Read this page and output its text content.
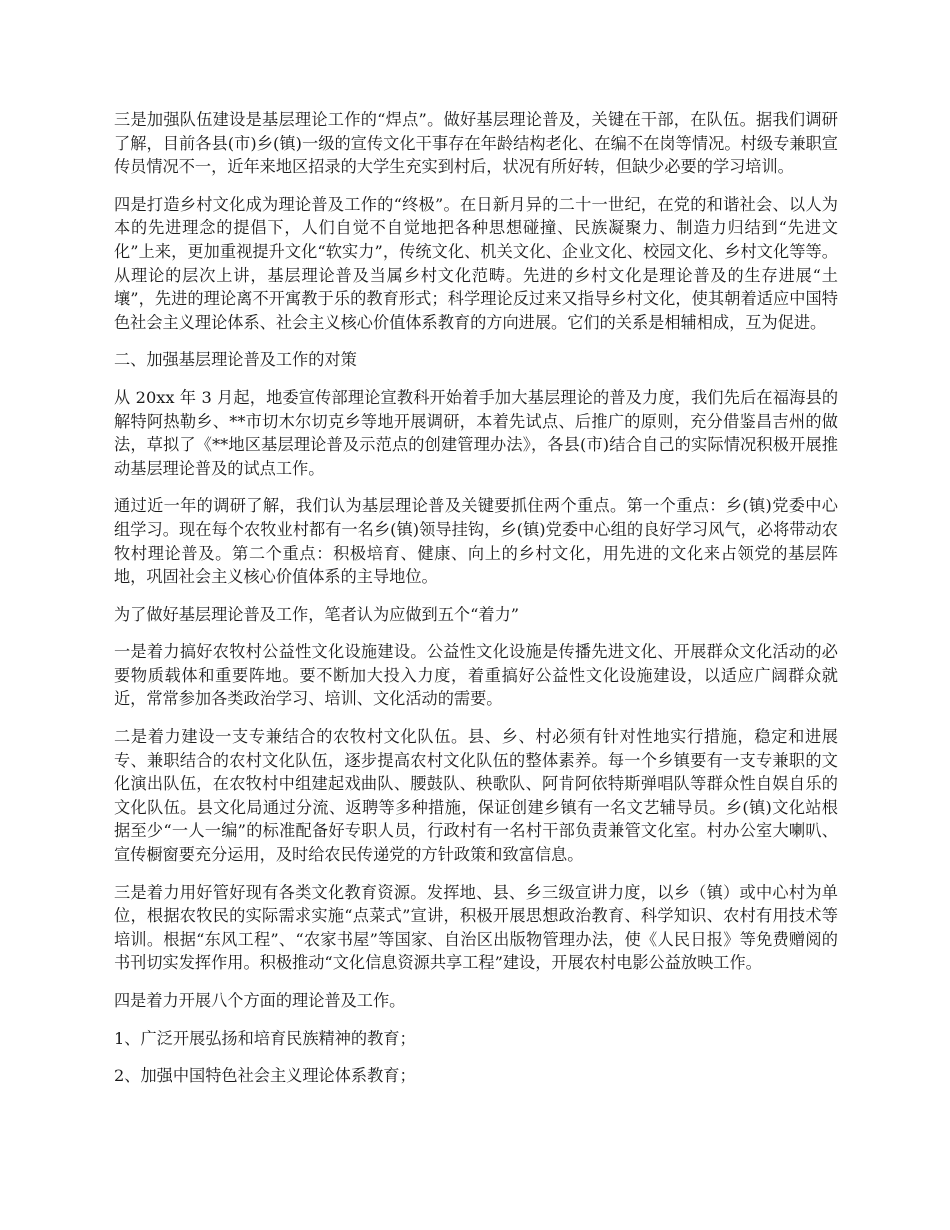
三是加强队伍建设是基层理论工作的“焊点”。做好基层理论普及，关键在干部，在队伍。据我们调研了解，目前各县(市)乡(镇)一级的宣传文化干事存在年龄结构老化、在编不在岗等情况。村级专兼职宣传员情况不一，近年来地区招录的大学生充实到村后，状况有所好转，但缺少必要的学习培训。

四是打造乡村文化成为理论普及工作的“终极”。在日新月异的二十一世纪，在党的和谐社会、以人为本的先进理念的提倡下，人们自觉不自觉地把各种思想碰撞、民族凝聚力、制造力归结到“先进文化”上来，更加重视提升文化“软实力”，传统文化、机关文化、企业文化、校园文化、乡村文化等等。从理论的层次上讲，基层理论普及当属乡村文化范畴。先进的乡村文化是理论普及的生存进展“土壤”，先进的理论离不开寓教于乐的教育形式；科学理论反过来又指导乡村文化，使其朝着适应中国特色社会主义理论体系、社会主义核心价值体系教育的方向进展。它们的关系是相辅相成，互为促进。

二、加强基层理论普及工作的对策

从 20xx 年 3 月起，地委宣传部理论宣教科开始着手加大基层理论的普及力度，我们先后在福海县的解特阿热勒乡、**市切木尔切克乡等地开展调研，本着先试点、后推广的原则，充分借鉴昌吉州的做法，草拟了《**地区基层理论普及示范点的创建管理办法》，各县(市)结合自己的实际情况积极开展推动基层理论普及的试点工作。

通过近一年的调研了解，我们认为基层理论普及关键要抓住两个重点。第一个重点：乡(镇)党委中心组学习。现在每个农牧业村都有一名乡(镇)领导挂钩，乡(镇)党委中心组的良好学习风气，必将带动农牧村理论普及。第二个重点：积极培育、健康、向上的乡村文化，用先进的文化来占领党的基层阵地，巩固社会主义核心价值体系的主导地位。

为了做好基层理论普及工作，笔者认为应做到五个“着力”

一是着力搞好农牧村公益性文化设施建设。公益性文化设施是传播先进文化、开展群众文化活动的必要物质载体和重要阵地。要不断加大投入力度，着重搞好公益性文化设施建设，以适应广阔群众就近，常常参加各类政治学习、培训、文化活动的需要。

二是着力建设一支专兼结合的农牧村文化队伍。县、乡、村必须有针对性地实行措施，稳定和进展专、兼职结合的农村文化队伍，逐步提高农村文化队伍的整体素养。每一个乡镇要有一支专兼职的文化演出队伍，在农牧村中组建起戏曲队、腰鼓队、秧歌队、阿肯阿依特斯弹唱队等群众性自娱自乐的文化队伍。县文化局通过分流、返聘等多种措施，保证创建乡镇有一名文艺辅导员。乡(镇)文化站根据至少“一人一编”的标准配备好专职人员，行政村有一名村干部负责兼管文化室。村办公室大喇叭、宣传橱窗要充分运用，及时给农民传递党的方针政策和致富信息。

三是着力用好管好现有各类文化教育资源。发挥地、县、乡三级宣讲力度，以乡（镇）或中心村为单位，根据农牧民的实际需求实施“点菜式”宣讲，积极开展思想政治教育、科学知识、农村有用技术等培训。根据“东风工程”、“农家书屋”等国家、自治区出版物管理办法，使《人民日报》等免费赠阅的书刊切实发挥作用。积极推动“文化信息资源共享工程”建设，开展农村电影公益放映工作。

四是着力开展八个方面的理论普及工作。

1、广泛开展弘扬和培育民族精神的教育；

2、加强中国特色社会主义理论体系教育；
